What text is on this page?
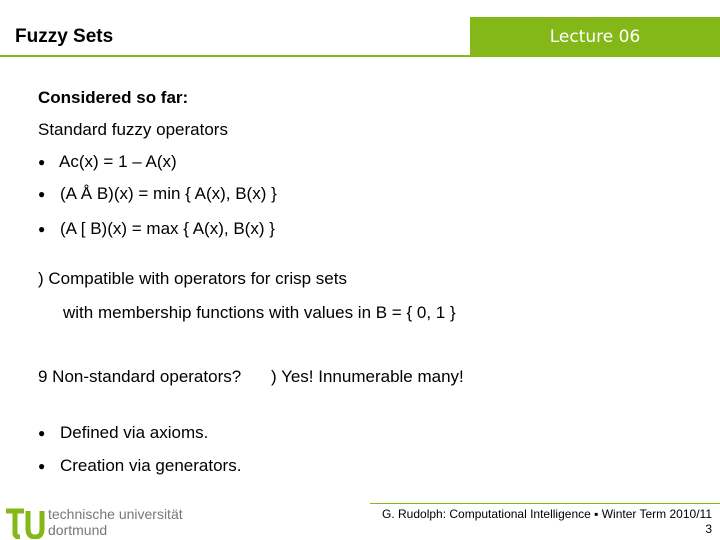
Lecture 06
Fuzzy Sets
Considered so far:
Standard fuzzy operators
● Ac(x) = 1 – A(x)
● (A Å B)(x) = min { A(x), B(x) }
● (A [ B)(x) = max { A(x), B(x) }
) Compatible with operators for crisp sets
with membership functions with values in B = { 0, 1 }
9 Non-standard operators? ) Yes! Innumerable many!
● Defined via axioms.
● Creation via generators.
technische universität
dortmund
G. Rudolph: Computational Intelligence ▪ Winter Term 2010/11
3
